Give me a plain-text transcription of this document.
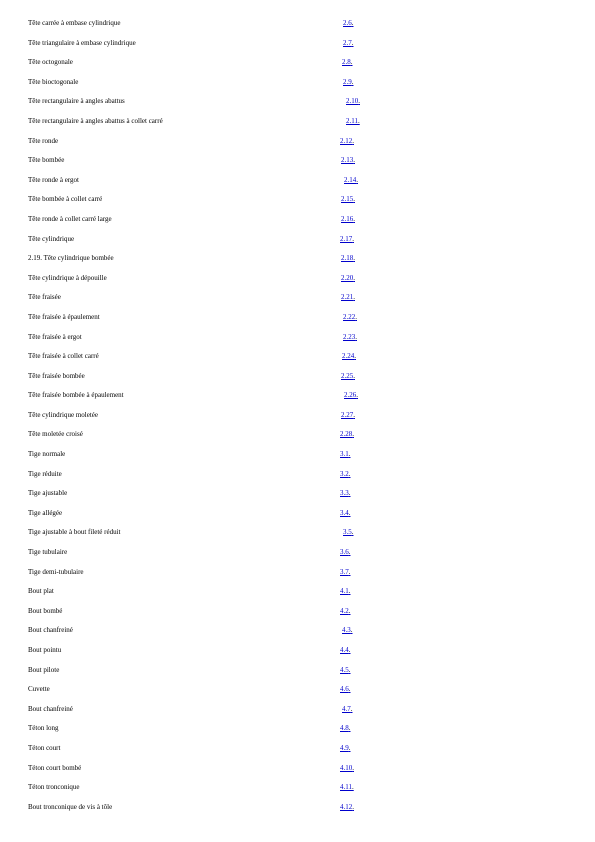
Tête carrée à embase cylindrique	2.6.
Tête triangulaire à embase cylindrique	2.7.
Tête octogonale	2.8.
Tête bioctogonale	2.9.
Tête rectangulaire à angles abattus	2.10.
Tête rectangulaire à angles abattus à collet carré	2.11.
Tête ronde	2.12.
Tête bombée	2.13.
Tête ronde à ergot	2.14.
Tête bombée à collet carré	2.15.
Tête ronde à collet carré large	2.16.
Tête cylindrique	2.17.
2.19. Tête cylindrique bombée	2.18.
Tête cylindrique à dépouille	2.20.
Tête fraisée	2.21.
Tête fraisée à épaulement	2.22.
Tête fraisée à ergot	2.23.
Tête fraisée à collet carré	2.24.
Tête fraisée bombée	2.25.
Tête fraisée bombée à épaulement	2.26.
Tête cylindrique moletée	2.27.
Tête moletée croisé	2.28.
Tige normale	3.1.
Tige réduite	3.2.
Tige ajustable	3.3.
Tige allégée	3.4.
Tige ajustable à bout fileté réduit	3.5.
Tige tubulaire	3.6.
Tige demi-tubulaire	3.7.
Bout plat	4.1.
Bout bombé	4.2.
Bout chanfreiné	4.3.
Bout pointu	4.4.
Bout pilote	4.5.
Cuvette	4.6.
Bout chanfreiné	4.7.
Téton long	4.8.
Téton court	4.9.
Téton court bombé	4.10.
Téton tronconique	4.11.
Bout tronconique de vis à tôle	4.12.
